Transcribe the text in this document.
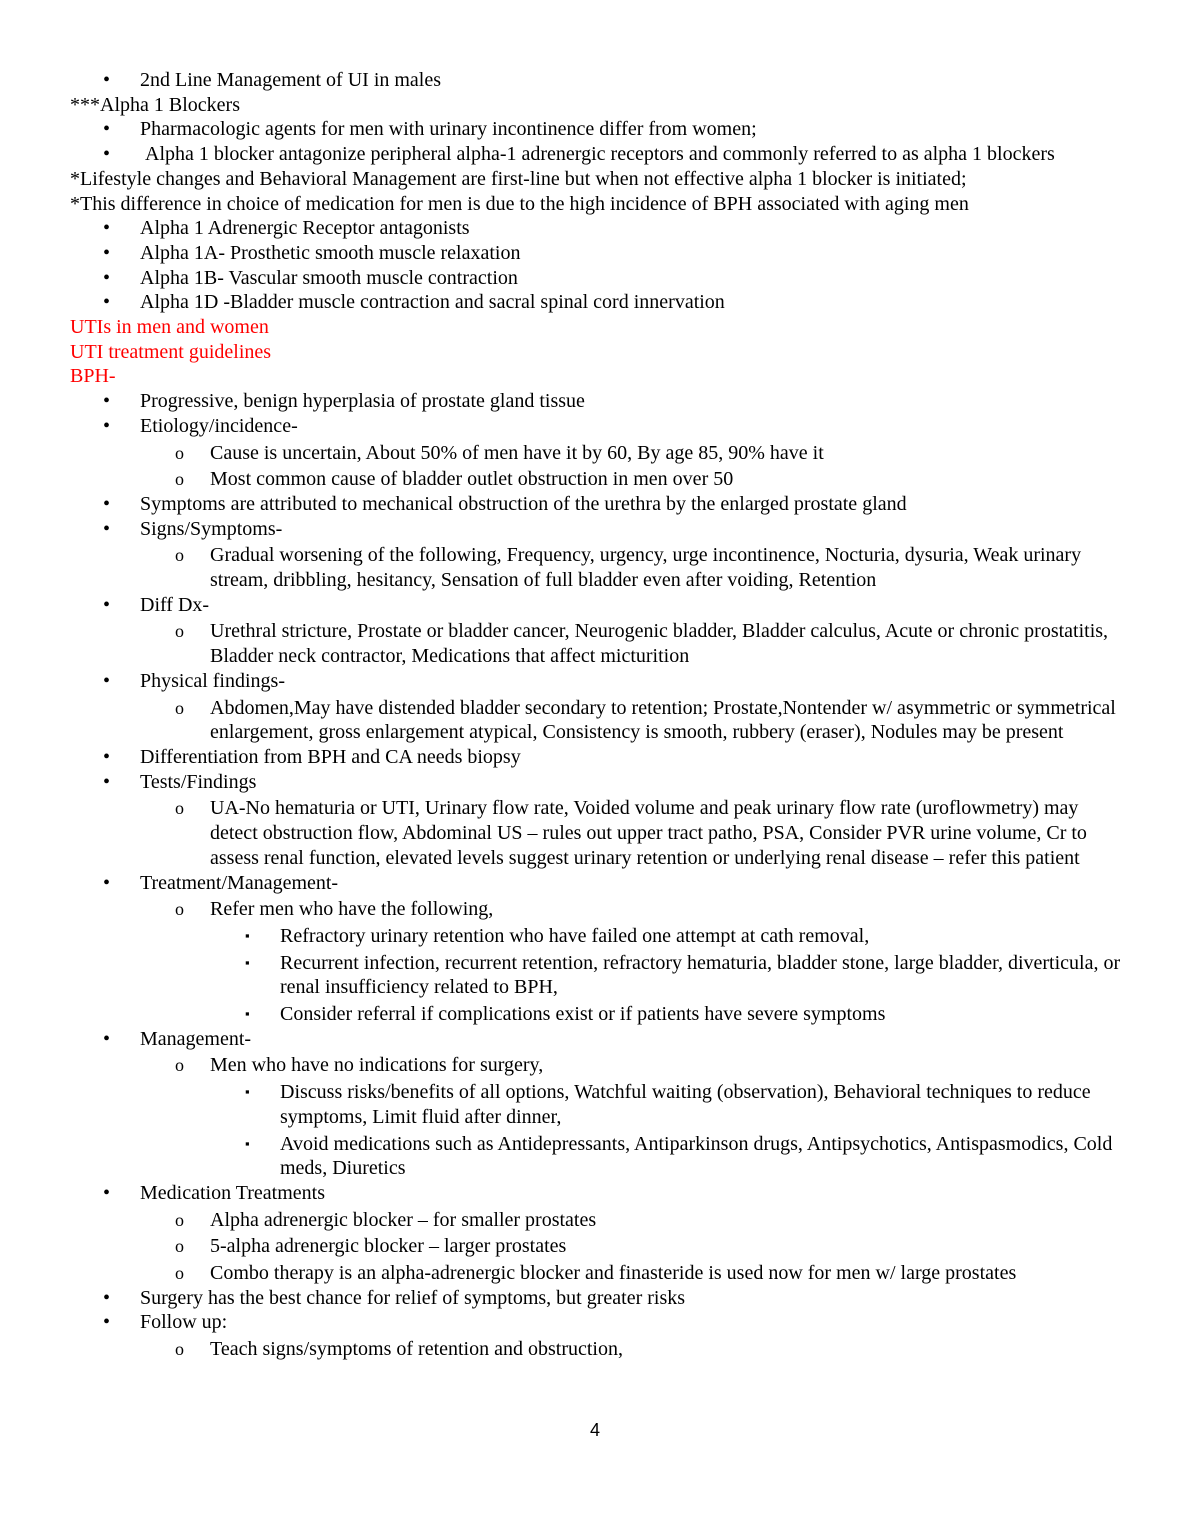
• 2nd Line Management of UI in males
***Alpha 1 Blockers
• Pharmacologic agents for men with urinary incontinence differ from women;
• Alpha 1 blocker antagonize peripheral alpha-1 adrenergic receptors and commonly referred to as alpha 1 blockers
*Lifestyle changes and Behavioral Management are first-line but when not effective alpha 1 blocker is initiated;
*This difference in choice of medication for men is due to the high incidence of BPH associated with aging men
• Alpha 1 Adrenergic Receptor antagonists
• Alpha 1A- Prosthetic smooth muscle relaxation
• Alpha 1B- Vascular smooth muscle contraction
• Alpha 1D -Bladder muscle contraction and sacral spinal cord innervation
UTIs in men and women
UTI treatment guidelines
BPH-
• Progressive, benign hyperplasia of prostate gland tissue
• Etiology/incidence-
o Cause is uncertain, About 50% of men have it by 60, By age 85, 90% have it
o Most common cause of bladder outlet obstruction in men over 50
• Symptoms are attributed to mechanical obstruction of the urethra by the enlarged prostate gland
• Signs/Symptoms-
o Gradual worsening of the following, Frequency, urgency, urge incontinence, Nocturia, dysuria, Weak urinary stream, dribbling, hesitancy, Sensation of full bladder even after voiding, Retention
• Diff Dx-
o Urethral stricture, Prostate or bladder cancer, Neurogenic bladder, Bladder calculus, Acute or chronic prostatitis, Bladder neck contractor, Medications that affect micturition
• Physical findings-
o Abdomen,May have distended bladder secondary to retention; Prostate,Nontender w/ asymmetric or symmetrical enlargement, gross enlargement atypical, Consistency is smooth, rubbery (eraser), Nodules may be present
• Differentiation from BPH and CA needs biopsy
• Tests/Findings
o UA-No hematuria or UTI, Urinary flow rate, Voided volume and peak urinary flow rate (uroflowmetry) may detect obstruction flow, Abdominal US – rules out upper tract patho, PSA, Consider PVR urine volume, Cr to assess renal function, elevated levels suggest urinary retention or underlying renal disease – refer this patient
• Treatment/Management-
o Refer men who have the following,
▪ Refractory urinary retention who have failed one attempt at cath removal,
▪ Recurrent infection, recurrent retention, refractory hematuria, bladder stone, large bladder, diverticula, or renal insufficiency related to BPH,
▪ Consider referral if complications exist or if patients have severe symptoms
• Management-
o Men who have no indications for surgery,
▪ Discuss risks/benefits of all options, Watchful waiting (observation), Behavioral techniques to reduce symptoms, Limit fluid after dinner,
▪ Avoid medications such as Antidepressants, Antiparkinson drugs, Antipsychotics, Antispasmodics, Cold meds, Diuretics
• Medication Treatments
o Alpha adrenergic blocker – for smaller prostates
o 5-alpha adrenergic blocker – larger prostates
o Combo therapy is an alpha-adrenergic blocker and finasteride is used now for men w/ large prostates
• Surgery has the best chance for relief of symptoms, but greater risks
• Follow up:
o Teach signs/symptoms of retention and obstruction,
4
